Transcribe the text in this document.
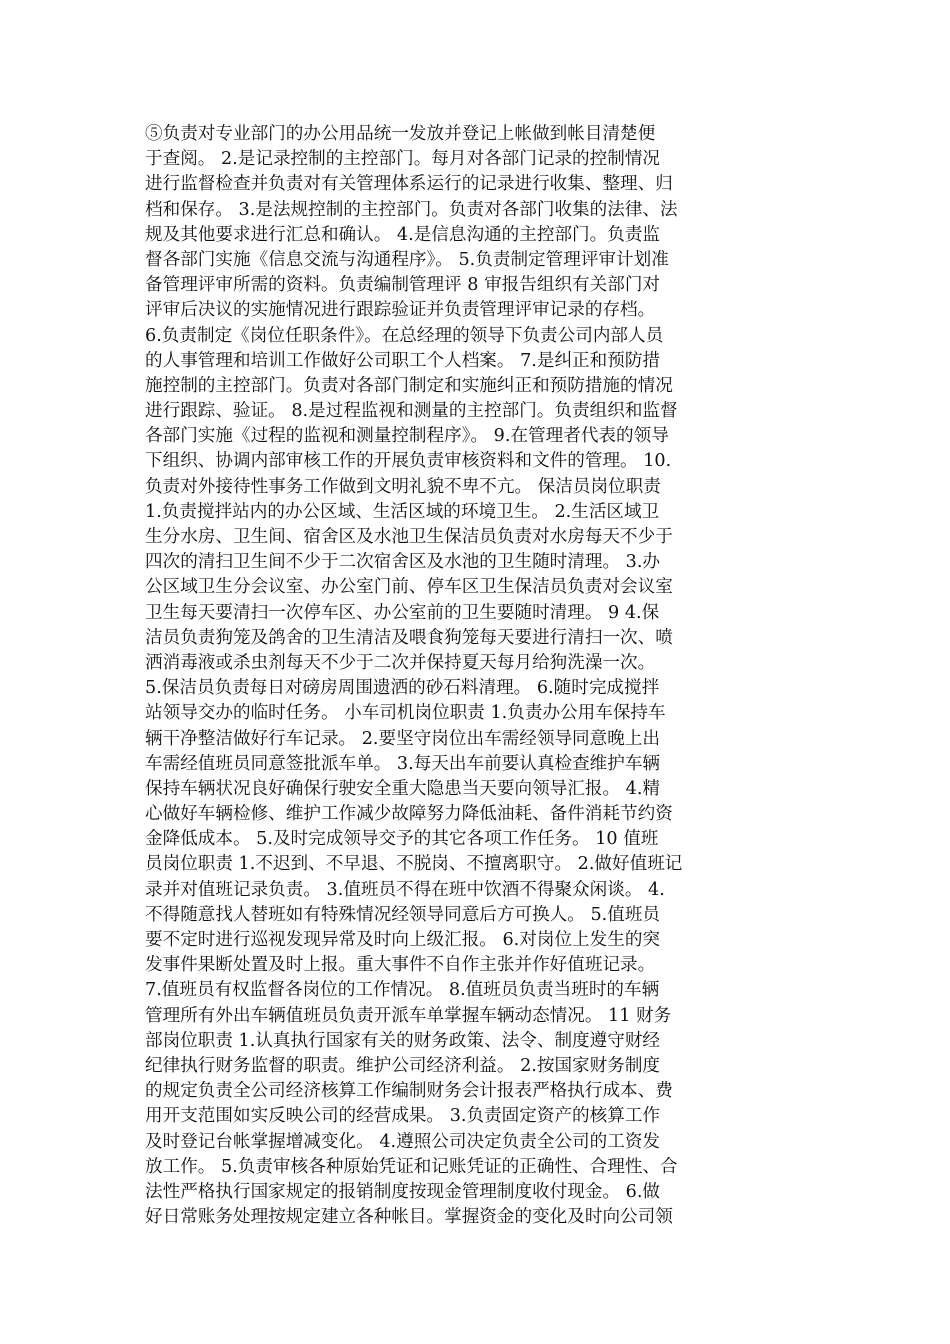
⑤负责对专业部门的办公用品统一发放并登记上帐做到帐目清楚便
于查阅。 2.是记录控制的主控部门。每月对各部门记录的控制情况
进行监督检查并负责对有关管理体系运行的记录进行收集、整理、归
档和保存。 3.是法规控制的主控部门。负责对各部门收集的法律、法
规及其他要求进行汇总和确认。 4.是信息沟通的主控部门。负责监
督各部门实施《信息交流与沟通程序》。 5.负责制定管理评审计划准
备管理评审所需的资料。负责编制管理评 8 审报告组织有关部门对
评审后决议的实施情况进行跟踪验证并负责管理评审记录的存档。
6.负责制定《岗位任职条件》。在总经理的领导下负责公司内部人员
的人事管理和培训工作做好公司职工个人档案。 7.是纠正和预防措
施控制的主控部门。负责对各部门制定和实施纠正和预防措施的情况
进行跟踪、验证。 8.是过程监视和测量的主控部门。负责组织和监督
各部门实施《过程的监视和测量控制程序》。 9.在管理者代表的领导
下组织、协调内部审核工作的开展负责审核资料和文件的管理。 10.
负责对外接待性事务工作做到文明礼貌不卑不亢。 保洁员岗位职责
1.负责搅拌站内的办公区域、生活区域的环境卫生。 2.生活区域卫
生分水房、卫生间、宿舍区及水池卫生保洁员负责对水房每天不少于
四次的清扫卫生间不少于二次宿舍区及水池的卫生随时清理。 3.办
公区域卫生分会议室、办公室门前、停车区卫生保洁员负责对会议室
卫生每天要清扫一次停车区、办公室前的卫生要随时清理。 9 4.保
洁员负责狗笼及鸽舍的卫生清洁及喂食狗笼每天要进行清扫一次、喷
洒消毒液或杀虫剂每天不少于二次并保持夏天每月给狗洗澡一次。
5.保洁员负责每日对磅房周围遗洒的砂石料清理。 6.随时完成搅拌
站领导交办的临时任务。 小车司机岗位职责 1.负责办公用车保持车
辆干净整洁做好行车记录。 2.要坚守岗位出车需经领导同意晚上出
车需经值班员同意签批派车单。 3.每天出车前要认真检查维护车辆
保持车辆状况良好确保行驶安全重大隐患当天要向领导汇报。 4.精
心做好车辆检修、维护工作减少故障努力降低油耗、备件消耗节约资
金降低成本。 5.及时完成领导交予的其它各项工作任务。 10 值班
员岗位职责 1.不迟到、不早退、不脱岗、不擅离职守。 2.做好值班记
录并对值班记录负责。 3.值班员不得在班中饮酒不得聚众闲谈。 4.
不得随意找人替班如有特殊情况经领导同意后方可换人。 5.值班员
要不定时进行巡视发现异常及时向上级汇报。 6.对岗位上发生的突
发事件果断处置及时上报。重大事件不自作主张并作好值班记录。
7.值班员有权监督各岗位的工作情况。 8.值班员负责当班时的车辆
管理所有外出车辆值班员负责开派车单掌握车辆动态情况。 11 财务
部岗位职责 1.认真执行国家有关的财务政策、法令、制度遵守财经
纪律执行财务监督的职责。维护公司经济利益。 2.按国家财务制度
的规定负责全公司经济核算工作编制财务会计报表严格执行成本、费
用开支范围如实反映公司的经营成果。 3.负责固定资产的核算工作
及时登记台帐掌握增减变化。 4.遵照公司决定负责全公司的工资发
放工作。 5.负责审核各种原始凭证和记账凭证的正确性、合理性、合
法性严格执行国家规定的报销制度按现金管理制度收付现金。 6.做
好日常账务处理按规定建立各种帐目。掌握资金的变化及时向公司领
